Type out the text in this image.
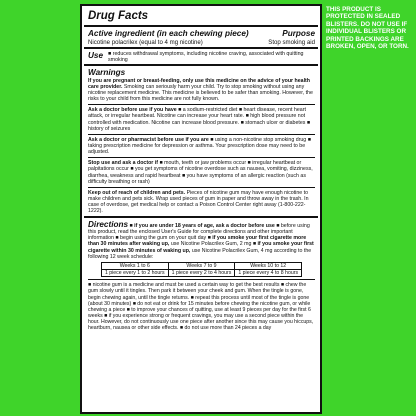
THIS PRODUCT IS PROTECTED IN SEALED BLISTERS. DO NOT USE IF INDIVIDUAL BLISTERS OR PRINTED BACKINGS ARE BROKEN, OPEN, OR TORN.
Drug Facts
Active ingredient (in each chewing piece)	Purpose
Nicotine polacrilex (equal to 4 mg nicotine)	Stop smoking aid
Use ■ reduces withdrawal symptoms, including nicotine craving, associated with quitting smoking
Warnings

If you are pregnant or breast-feeding, only use this medicine on the advice of your health care provider. Smoking can seriously harm your child. Try to stop smoking without using any nicotine replacement medicine. This medicine is believed to be safer than smoking. However, the risks to your child from this medicine are not fully known.

Ask a doctor before use if you have ■ a sodium-restricted diet ■ heart disease, recent heart attack, or irregular heartbeat. Nicotine can increase your heart rate. ■ high blood pressure not controlled with medication. Nicotine can increase blood pressure. ■ stomach ulcer or diabetes ■ history of seizures

Ask a doctor or pharmacist before use if you are ■ using a non-nicotine stop smoking drug ■ taking prescription medicine for depression or asthma. Your prescription dose may need to be adjusted.

Stop use and ask a doctor if ■ mouth, teeth or jaw problems occur ■ irregular heartbeat or palpitations occur ■ you get symptoms of nicotine overdose such as nausea, vomiting, dizziness, diarrhea, weakness and rapid heartbeat ■ you have symptoms of an allergic reaction (such as difficulty breathing or rash)

Keep out of reach of children and pets. Pieces of nicotine gum may have enough nicotine to make children and pets sick. Wrap used pieces of gum in paper and throw away in the trash. In case of overdose, get medical help or contact a Poison Control Center right away (1-800-222-1222).

Directions ■ if you are under 18 years of age, ask a doctor before use ■ before using this product, read the enclosed User's Guide for complete directions and other important information ■ begin using the gum on your quit day ■ if you smoke your first cigarette more than 30 minutes after waking up, use Nicotine Polacrilex Gum, 2 mg ■ if you smoke your first cigarette within 30 minutes of waking up, use Nicotine Polacrilex Gum, 4 mg according to the following 12 week schedule:

Weeks 1 to 6	Weeks 7 to 9	Weeks 10 to 12
1 piece every 1 to 2 hours	1 piece every 2 to 4 hours	1 piece every 4 to 8 hours

■ nicotine gum is a medicine and must be used a certain way to get the best results ■ chew the gum slowly until it tingles. Then park it between your cheek and gum. When the tingle is gone, begin chewing again, until the tingle returns. ■ repeat this process until most of the tingle is gone (about 30 minutes) ■ do not eat or drink for 15 minutes before chewing the nicotine gum, or while chewing a piece ■ to improve your chances of quitting, use at least 9 pieces per day for the first 6 weeks ■ if you experience strong or frequent cravings, you may use a second piece within the hour. However, do not continuously use one piece after another since this may cause you hiccups, heartburn, nausea or other side effects. ■ do not use more than 24 pieces a day
